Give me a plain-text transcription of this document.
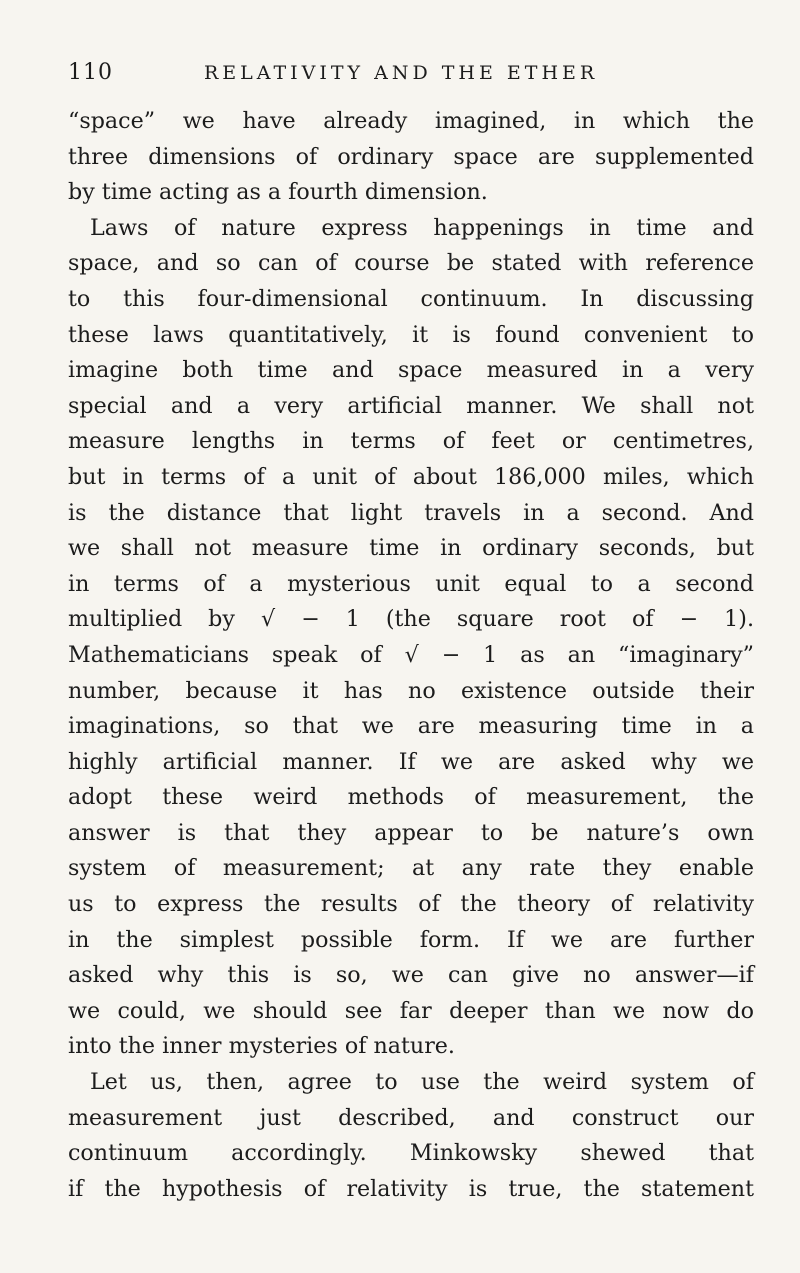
110	RELATIVITY AND THE ETHER
“space” we have already imagined, in which the
three dimensions of ordinary space are supplemented
by time acting as a fourth dimension.
Laws of nature express happenings in time and
space, and so can of course be stated with reference
to this four-dimensional continuum. In discussing
these laws quantitatively, it is found convenient to
imagine both time and space measured in a very
special and a very artificial manner. We shall not
measure lengths in terms of feet or centimetres,
but in terms of a unit of about 186,000 miles, which
is the distance that light travels in a second. And
we shall not measure time in ordinary seconds, but
in terms of a mysterious unit equal to a second
multiplied by √ − 1 (the square root of − 1).
Mathematicians speak of √ − 1 as an “imaginary”
number, because it has no existence outside their
imaginations, so that we are measuring time in a
highly artificial manner. If we are asked why we
adopt these weird methods of measurement, the
answer is that they appear to be nature’s own
system of measurement; at any rate they enable
us to express the results of the theory of relativity
in the simplest possible form. If we are further
asked why this is so, we can give no answer—if
we could, we should see far deeper than we now do
into the inner mysteries of nature.
Let us, then, agree to use the weird system of
measurement just described, and construct our
continuum accordingly. Minkowsky shewed that
if the hypothesis of relativity is true, the statement
